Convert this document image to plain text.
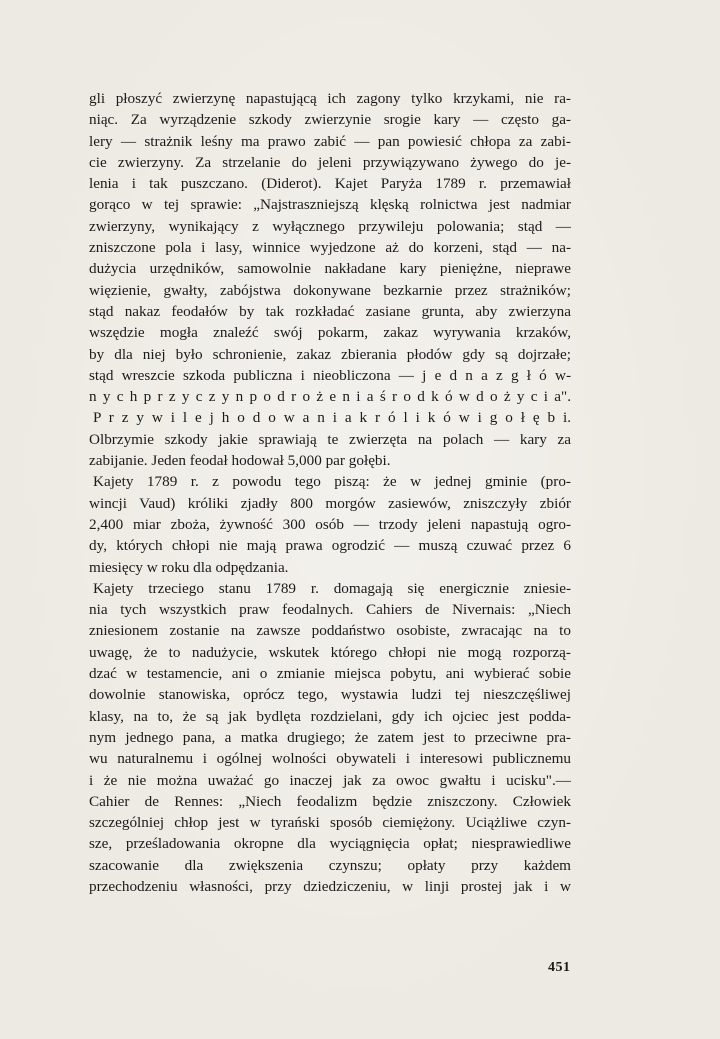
gli płoszyć zwierzynę napastującą ich zagony tylko krzykami, nie ra-
niąc. Za wyrządzenie szkody zwierzynie srogie kary — często ga-
lery — strażnik leśny ma prawo zabić — pan powiesić chłopa za zabi-
cie zwierzyny. Za strzelanie do jeleni przywiązywano żywego do je-
lenia i tak puszczano. (Diderot). Kajet Paryża 1789 r. przemawiał
gorąco w tej sprawie: „Najstraszniejszą klęską rolnictwa jest nadmiar
zwierzyny, wynikający z wyłącznego przywileju polowania; stąd —
zniszczone pola i lasy, winnice wyjedzone aż do korzeni, stąd — na-
dużycia urzędników, samowolnie nakładane kary pieniężne, nieprawe
więzienie, gwałty, zabójstwa dokonywane bezkarnie przez strażników;
stąd nakaz feodałów by tak rozkładać zasiane grunta, aby zwierzyna
wszędzie mogła znaleźć swój pokarm, zakaz wyrywania krzaków,
by dla niej było schronienie, zakaz zbierania płodów gdy są dojrzałe;
stąd wreszcie szkoda publiczna i nieobliczona — j e d n a z g ł ó w-
n y c h p r z y c z y n p o d r o ż e n i a ś r o d k ó w d o ż y c i a".
P r z y w i l e j h o d o w a n i a k r ó l i k ó w i g o ł ę b i.
Olbrzymie szkody jakie sprawiają te zwierzęta na polach — kary za
zabijanie. Jeden feodał hodował 5,000 par gołębi.
Kajety 1789 r. z powodu tego piszą: że w jednej gminie (pro-
wincji Vaud) króliki zjadły 800 morgów zasiewów, zniszczyły zbiór
2,400 miar zboża, żywność 300 osób — trzody jeleni napastują ogro-
dy, których chłopi nie mają prawa ogrodzić — muszą czuwać przez 6
miesięcy w roku dla odpędzania.
Kajety trzeciego stanu 1789 r. domagają się energicznie zniesie-
nia tych wszystkich praw feodalnych. Cahiers de Nivernais: „Niech
zniesionem zostanie na zawsze poddaństwo osobiste, zwracając na to
uwagę, że to nadużycie, wskutek którego chłopi nie mogą rozporzą-
dzać w testamencie, ani o zmianie miejsca pobytu, ani wybierać sobie
dowolnie stanowiska, oprócz tego, wystawia ludzi tej nieszczęśliwej
klasy, na to, że są jak bydlęta rozdzielani, gdy ich ojciec jest podda-
nym jednego pana, a matka drugiego; że zatem jest to przeciwne pra-
wu naturalnemu i ogólnej wolności obywateli i interesowi publicznemu
i że nie można uważać go inaczej jak za owoc gwałtu i ucisku".—
Cahier de Rennes: „Niech feodalizm będzie zniszczony. Człowiek
szczególniej chłop jest w tyrański sposób ciemiężony. Uciążliwe czyn-
sze, prześladowania okropne dla wyciągnięcia opłat; niesprawiedliwe
szacowanie dla zwiększenia czynszu; opłaty przy każdem
przechodzeniu własności, przy dziedziczeniu, w linji prostej jak i w
451
